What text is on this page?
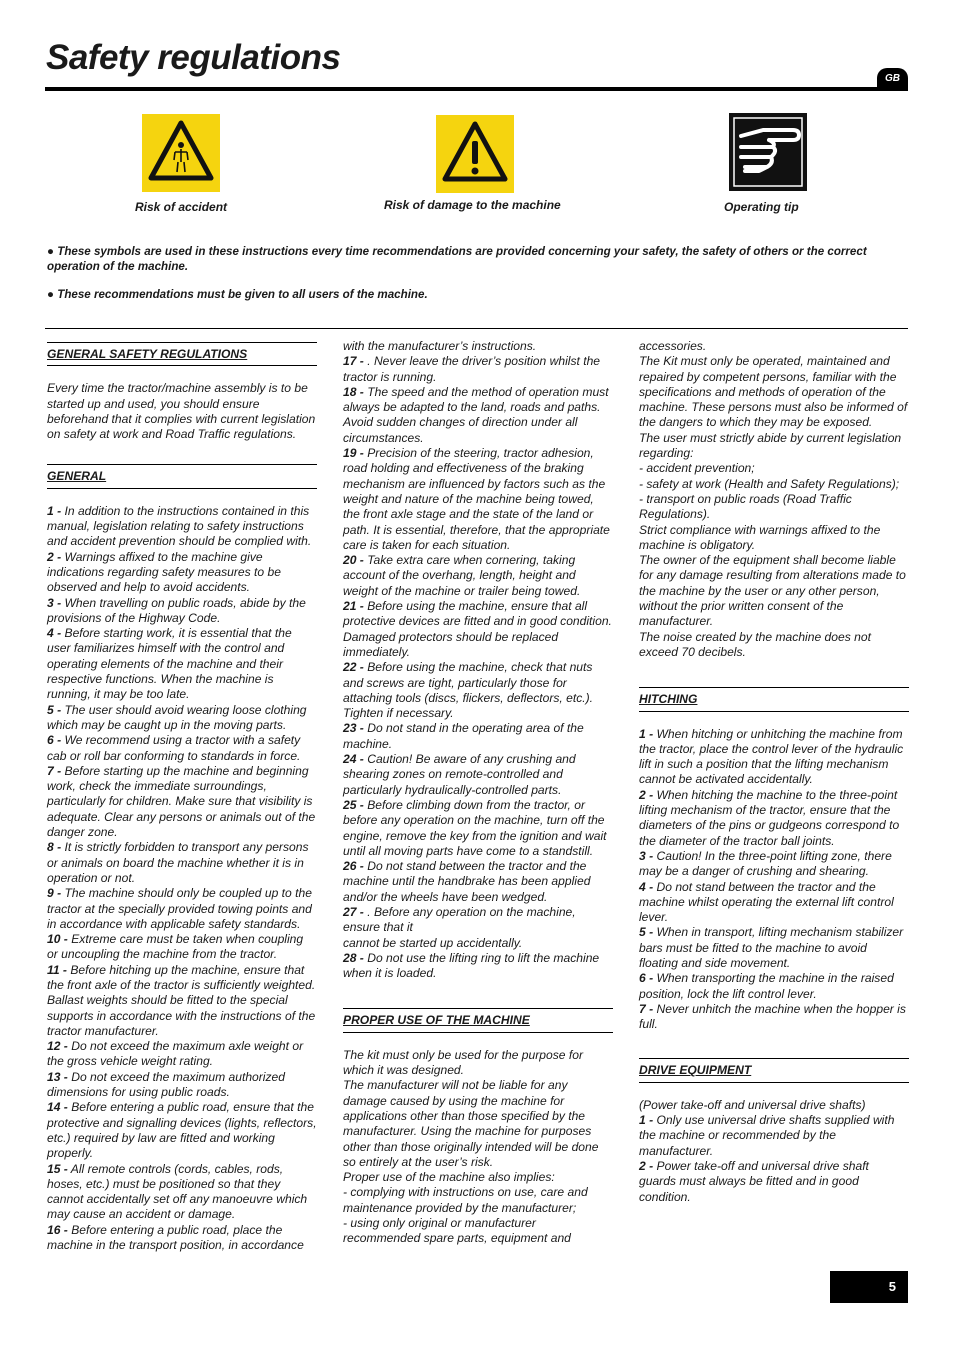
Safety regulations
GB
Risk of accident	Risk of damage to the machine	Operating tip

● These symbols are used in these instructions every time recommendations are provided concerning your safety, the safety of others or the correct operation of the machine.

● These recommendations must be given to all users of the machine.

GENERAL SAFETY REGULATIONS

Every time the tractor/machine assembly is to be started up and used, you should ensure beforehand that it complies with current legislation on safety at work and Road Traffic regulations.

GENERAL

1 - In addition to the instructions contained in this manual, legislation relating to safety instructions and accident prevention should be complied with.

2 - Warnings affixed to the machine give indications regarding safety measures to be observed and help to avoid accidents.

3 - When travelling on public roads, abide by the provisions of the Highway Code.

4 - Before starting work, it is essential that the user familiarizes himself with the control and operating elements of the machine and their respective functions. When the machine is running, it may be too late.

5 - The user should avoid wearing loose clothing which may be caught up in the moving parts.

6 - We recommend using a tractor with a safety cab or roll bar conforming to standards in force.

7 - Before starting up the machine and beginning work, check the immediate surroundings, particularly for children. Make sure that visibility is adequate. Clear any persons or animals out of the danger zone.

8 - It is strictly forbidden to transport any persons or animals on board the machine whether it is in operation or not.

9 - The machine should only be coupled up to the tractor at the specially provided towing points and in accordance with applicable safety standards.

10 - Extreme care must be taken when coupling or uncoupling the machine from the tractor.

11 - Before hitching up the machine, ensure that the front axle of the tractor is sufficiently weighted. Ballast weights should be fitted to the special supports in accordance with the instructions of the tractor manufacturer.

12 - Do not exceed the maximum axle weight or the gross vehicle weight rating.

13 - Do not exceed the maximum authorized dimensions for using public roads.

14 - Before entering a public road, ensure that the protective and signalling devices (lights, reflectors, etc.) required by law are fitted and working properly.

15 - All remote controls (cords, cables, rods, hoses, etc.) must be positioned so that they cannot accidentally set off any manoeuvre which may cause an accident or damage.

16 - Before entering a public road, place the machine in the transport position, in accordance

with the manufacturer’s instructions.

17 - . Never leave the driver’s position whilst the tractor is running.

18 - The speed and the method of operation must always be adapted to the land, roads and paths. Avoid sudden changes of direction under all circumstances.

19 - Precision of the steering, tractor adhesion, road holding and effectiveness of the braking mechanism are influenced by factors such as the weight and nature of the machine being towed, the front axle stage and the state of the land or path. It is essential, therefore, that the appropriate care is taken for each situation.

20 - Take extra care when cornering, taking account of the overhang, length, height and weight of the machine or trailer being towed.

21 - Before using the machine, ensure that all protective devices are fitted and in good condition. Damaged protectors should be replaced immediately.

22 - Before using the machine, check that nuts and screws are tight, particularly those for attaching tools (discs, flickers, deflectors, etc.). Tighten if necessary.

23 - Do not stand in the operating area of the machine.

24 - Caution! Be aware of any crushing and shearing zones on remote-controlled and particularly hydraulically-controlled parts.

25 - Before climbing down from the tractor, or before any operation on the machine, turn off the engine, remove the key from the ignition and wait until all moving parts have come to a standstill.

26 - Do not stand between the tractor and the machine until the handbrake has been applied and/or the wheels have been wedged.

27 - . Before any operation on the machine, ensure that it

cannot be started up accidentally.

28 - Do not use the lifting ring to lift the machine when it is loaded.

PROPER USE OF THE MACHINE

The kit must only be used for the purpose for which it was designed.

The manufacturer will not be liable for any damage caused by using the machine for applications other than those specified by the manufacturer. Using the machine for purposes other than those originally intended will be done so entirely at the user’s risk.

Proper use of the machine also implies:

- complying with instructions on use, care and maintenance provided by the manufacturer;

- using only original or manufacturer recommended spare parts, equipment and

accessories.

The Kit must only be operated, maintained and repaired by competent persons, familiar with the specifications and methods of operation of the machine. These persons must also be informed of the dangers to which they may be exposed.

The user must strictly abide by current legislation regarding:

- accident prevention;

- safety at work (Health and Safety Regulations);

- transport on public roads (Road Traffic Regulations).

Strict compliance with warnings affixed to the machine is obligatory.

The owner of the equipment shall become liable for any damage resulting from alterations made to the machine by the user or any other person, without the prior written consent of the manufacturer.

The noise created by the machine does not exceed 70 decibels.

HITCHING

1 - When hitching or unhitching the machine from the tractor, place the control lever of the hydraulic lift in such a position that the lifting mechanism cannot be activated accidentally.

2 - When hitching the machine to the three-point lifting mechanism of the tractor, ensure that the diameters of the pins or gudgeons correspond to the diameter of the tractor ball joints.

3 - Caution! In the three-point lifting zone, there may be a danger of crushing and shearing.

4 - Do not stand between the tractor and the machine whilst operating the external lift control lever.

5 - When in transport, lifting mechanism stabilizer bars must be fitted to the machine to avoid floating and side movement.

6 - When transporting the machine in the raised position, lock the lift control lever.

7 - Never unhitch the machine when the hopper is full.

DRIVE EQUIPMENT

(Power take-off and universal drive shafts)

1 - Only use universal drive shafts supplied with the machine or recommended by the manufacturer.

2 - Power take-off and universal drive shaft guards must always be fitted and in good condition.

5
